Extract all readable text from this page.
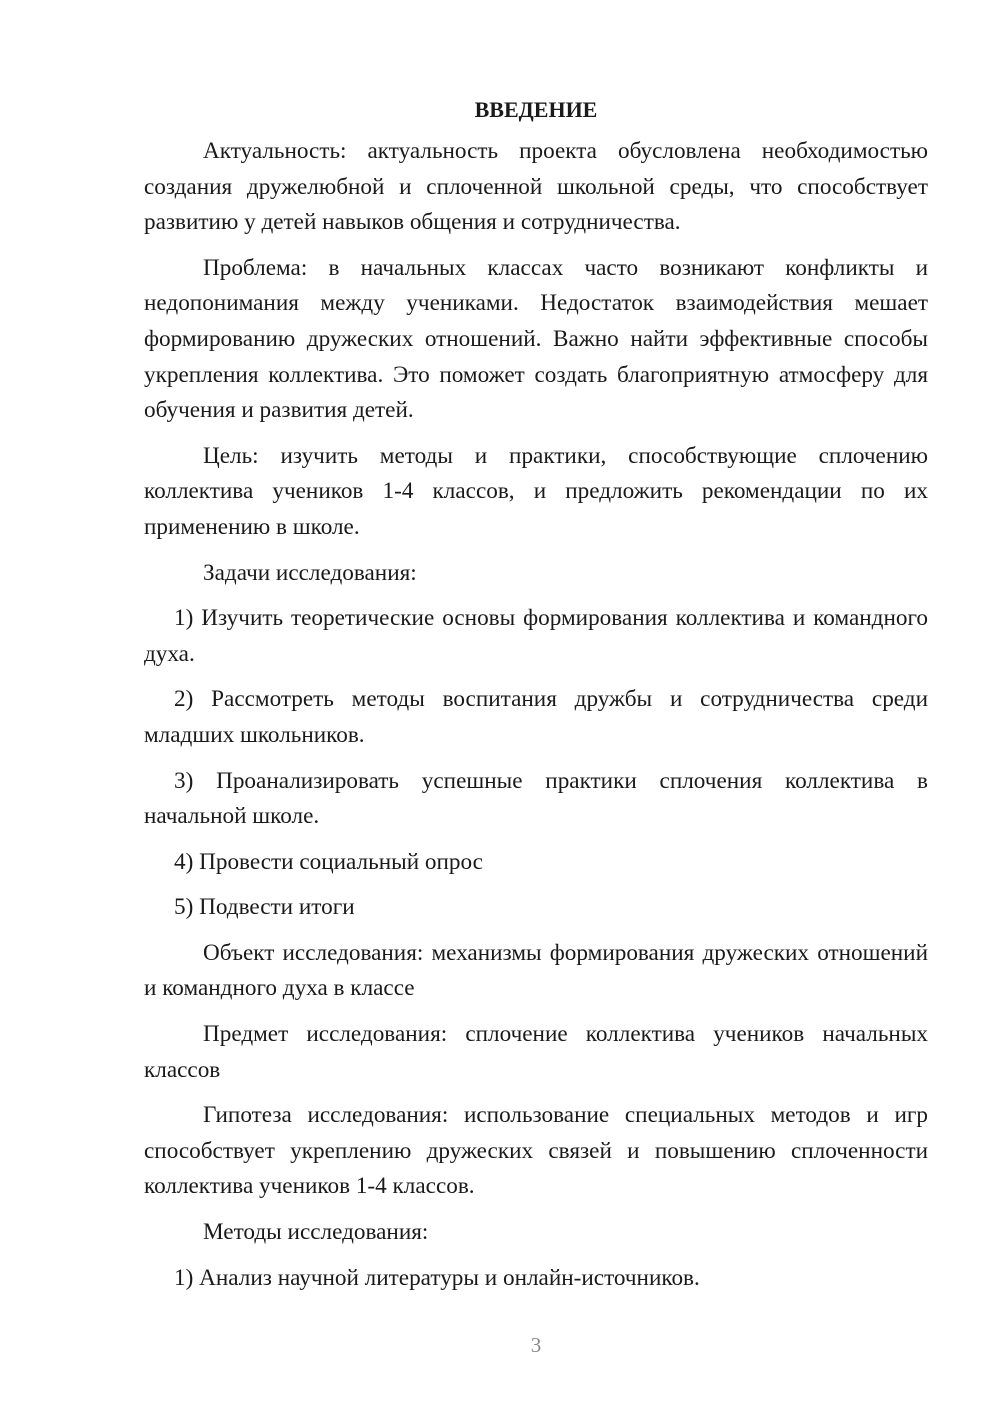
ВВЕДЕНИЕ

Актуальность: актуальность проекта обусловлена необходимостью создания дружелюбной и сплоченной школьной среды, что способствует развитию у детей навыков общения и сотрудничества.

Проблема: в начальных классах часто возникают конфликты и недопонимания между учениками. Недостаток взаимодействия мешает формированию дружеских отношений. Важно найти эффективные способы укрепления коллектива. Это поможет создать благоприятную атмосферу для обучения и развития детей.

Цель: изучить методы и практики, способствующие сплочению коллектива учеников 1-4 классов, и предложить рекомендации по их применению в школе.

Задачи исследования:

1) Изучить теоретические основы формирования коллектива и командного духа.

2) Рассмотреть методы воспитания дружбы и сотрудничества среди младших школьников.

3) Проанализировать успешные практики сплочения коллектива в начальной школе.

4) Провести социальный опрос

5) Подвести итоги

Объект исследования: механизмы формирования дружеских отношений и командного духа в классе

Предмет исследования: сплочение коллектива учеников начальных классов

Гипотеза исследования: использование специальных методов и игр способствует укреплению дружеских связей и повышению сплоченности коллектива учеников 1-4 классов.

Методы исследования:

1) Анализ научной литературы и онлайн-источников.

3
